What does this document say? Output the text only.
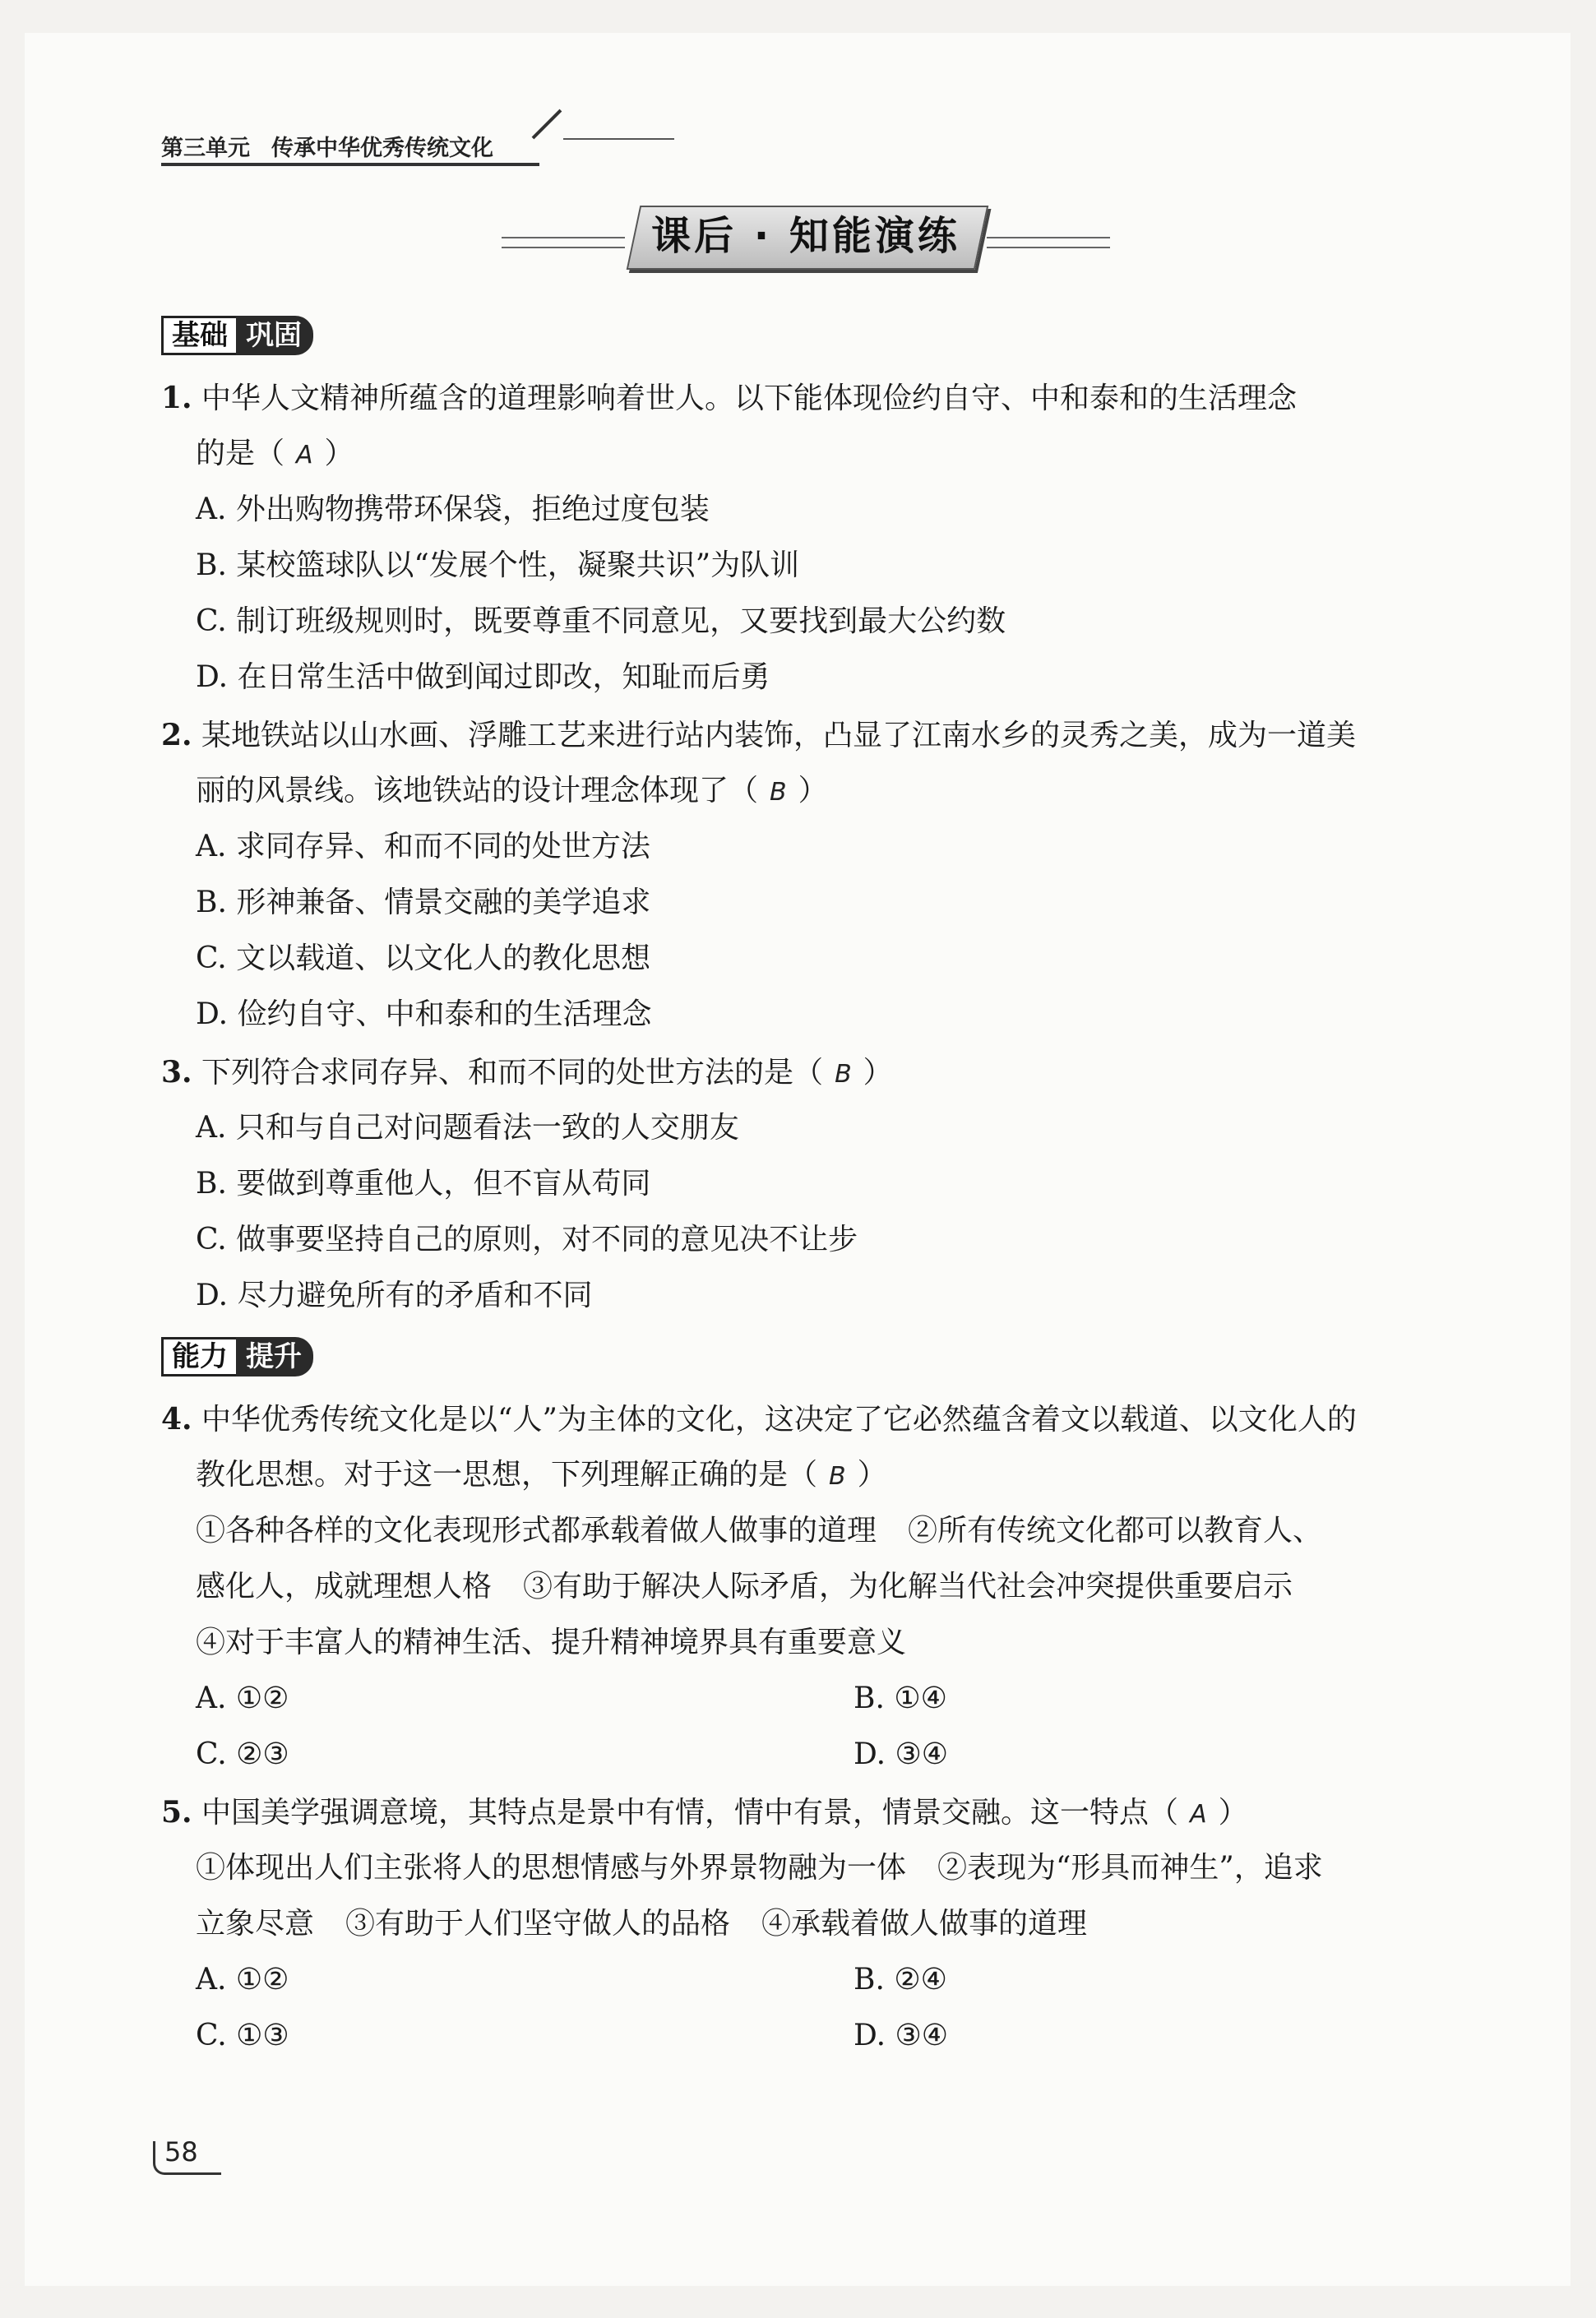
第三单元 传承中华优秀传统文化
课后 · 知能演练
基础 巩固
1. 中华人文精神所蕴含的道理影响着世人。以下能体现俭约自守、中和泰和的生活理念
的是（ A ）
A. 外出购物携带环保袋，拒绝过度包装
B. 某校篮球队以“发展个性，凝聚共识”为队训
C. 制订班级规则时，既要尊重不同意见，又要找到最大公约数
D. 在日常生活中做到闻过即改，知耻而后勇
2. 某地铁站以山水画、浮雕工艺来进行站内装饰，凸显了江南水乡的灵秀之美，成为一道美
丽的风景线。该地铁站的设计理念体现了（ B ）
A. 求同存异、和而不同的处世方法
B. 形神兼备、情景交融的美学追求
C. 文以载道、以文化人的教化思想
D. 俭约自守、中和泰和的生活理念
3. 下列符合求同存异、和而不同的处世方法的是（ B ）
A. 只和与自己对问题看法一致的人交朋友
B. 要做到尊重他人，但不盲从苟同
C. 做事要坚持自己的原则，对不同的意见决不让步
D. 尽力避免所有的矛盾和不同
能力 提升
4. 中华优秀传统文化是以“人”为主体的文化，这决定了它必然蕴含着文以载道、以文化人的
教化思想。对于这一思想，下列理解正确的是（ B ）
①各种各样的文化表现形式都承载着做人做事的道理 ②所有传统文化都可以教育人、
感化人，成就理想人格 ③有助于解决人际矛盾，为化解当代社会冲突提供重要启示
④对于丰富人的精神生活、提升精神境界具有重要意义
A. ①②	B. ①④
C. ②③	D. ③④
5. 中国美学强调意境，其特点是景中有情，情中有景，情景交融。这一特点（ A ）
①体现出人们主张将人的思想情感与外界景物融为一体 ②表现为“形具而神生”，追求
立象尽意 ③有助于人们坚守做人的品格 ④承载着做人做事的道理
A. ①②	B. ②④
C. ①③	D. ③④
58
